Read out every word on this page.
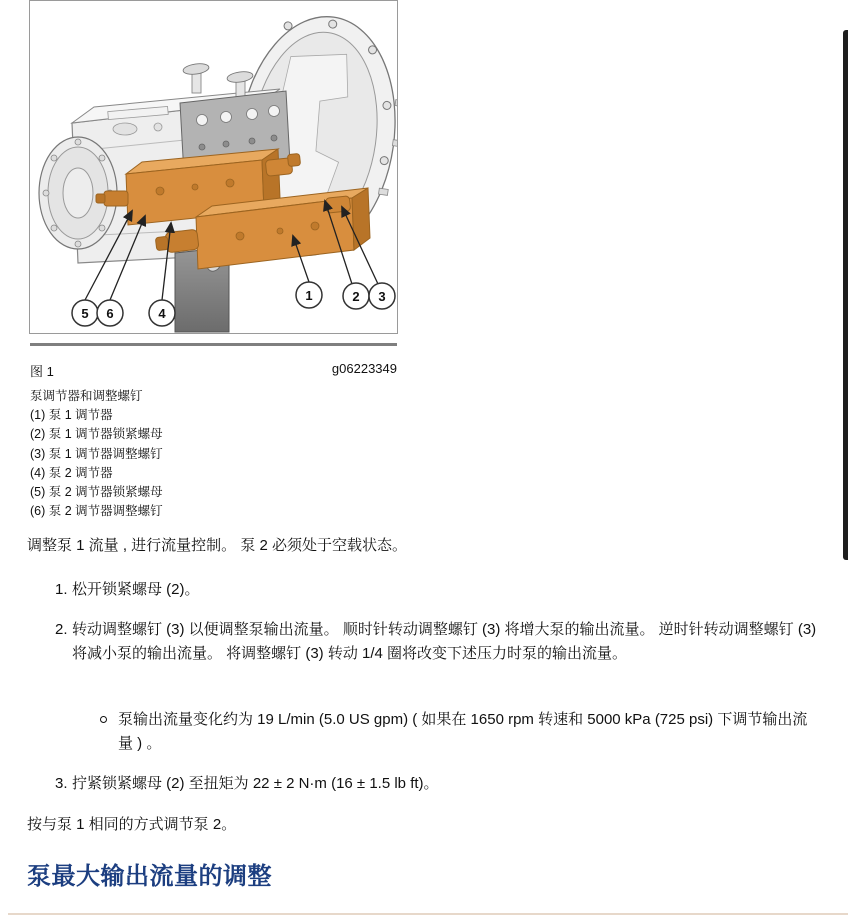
5 6	4
1	2 3
图 1	g06223349
泵调节器和调整螺钉
(1) 泵 1 调节器
(2) 泵 1 调节器锁紧螺母
(3) 泵 1 调节器调整螺钉
(4) 泵 2 调节器
(5) 泵 2 调节器锁紧螺母
(6) 泵 2 调节器调整螺钉

调整泵 1 流量 , 进行流量控制。 泵 2 必须处于空载状态。

1. 松开锁紧螺母 (2)。
2. 转动调整螺钉 (3) 以便调整泵输出流量。 顺时针转动调整螺钉 (3) 将增大泵的输出流量。 逆时针转动调整螺钉 (3) 将减小泵的输出流量。 将调整螺钉 (3) 转动 1/4 圈将改变下述压力时泵的输出流量。
泵输出流量变化约为 19 L/min (5.0 US gpm) ( 如果在 1650 rpm 转速和 5000 kPa (725 psi) 下调节输出流量 ) 。
3. 拧紧锁紧螺母 (2) 至扭矩为 22 ± 2 N·m (16 ± 1.5 lb ft)。

按与泵 1 相同的方式调节泵 2。

泵最大输出流量的调整
